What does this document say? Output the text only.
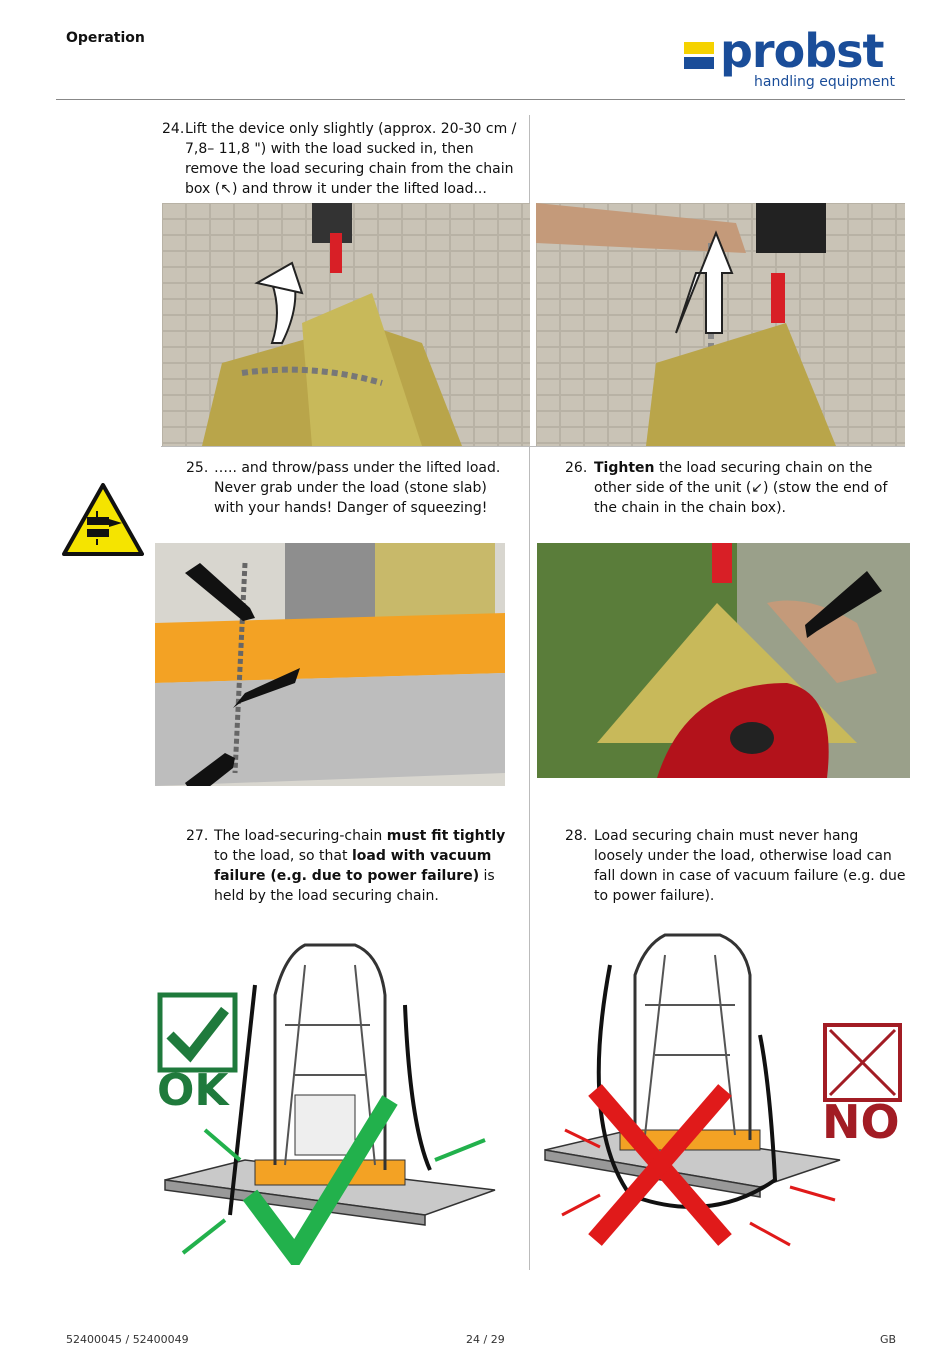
Operation	probst
handling equipment
24. Lift the device only slightly (approx. 20-30 cm / 7,8– 11,8 ") with the load sucked in, then remove the load securing chain from the chain box (↖) and throw it under the lifted load...
25. ….. and throw/pass under the lifted load. Never grab under the load (stone slab) with your hands! Danger of squeezing!
26. Tighten the load securing chain on the other side of the unit (↙) (stow the end of the chain in the chain box).
27. The load-securing-chain must fit tightly to the load, so that load with vacuum failure (e.g. due to power failure) is held by the load securing chain.
28. Load securing chain must never hang loosely under the load, otherwise load can fall down in case of vacuum failure (e.g. due to power failure).
OK
NO
52400045 / 52400049	24 / 29	GB
